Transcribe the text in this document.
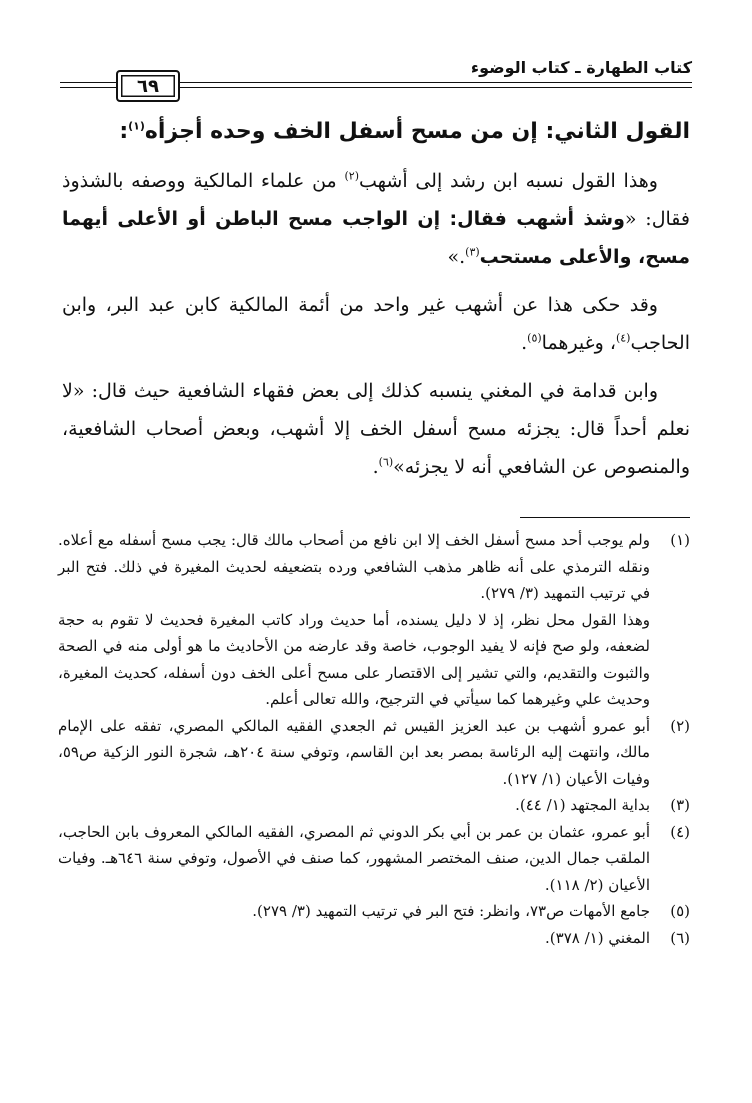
٦٩
كتاب الطهارة ـ كتاب الوضوء
القول الثاني: إن من مسح أسفل الخف وحده أجزأه$^{(١)}$:

وهذا القول نسبه ابن رشد إلى أشهب$^{(٢)}$ من علماء المالكية ووصفه بالشذوذ فقال: «وشذ أشهب فقال: إن الواجب مسح الباطن أو الأعلى أيهما مسح، والأعلى مستحب$^{(٣)}$.»

وقد حكى هذا عن أشهب غير واحد من أئمة المالكية كابن عبد البر، وابن الحاجب$^{(٤)}$، وغيرهما$^{(٥)}$.

وابن قدامة في المغني ينسبه كذلك إلى بعض فقهاء الشافعية حيث قال: «لا نعلم أحداً قال: يجزئه مسح أسفل الخف إلا أشهب، وبعض أصحاب الشافعية، والمنصوص عن الشافعي أنه لا يجزئه»$^{(٦)}$.

(١)
ولم يوجب أحد مسح أسفل الخف إلا ابن نافع من أصحاب مالك قال: يجب مسح أسفله مع أعلاه. ونقله الترمذي على أنه ظاهر مذهب الشافعي ورده بتضعيفه لحديث المغيرة في ذلك. فتح البر في ترتيب التمهيد (٣/ ٢٧٩).
وهذا القول محل نظر، إذ لا دليل يسنده، أما حديث وراد كاتب المغيرة فحديث لا تقوم به حجة لضعفه، ولو صح فإنه لا يفيد الوجوب، خاصة وقد عارضه من الأحاديث ما هو أولى منه في الصحة والثبوت والتقديم، والتي تشير إلى الاقتصار على مسح أعلى الخف دون أسفله، كحديث المغيرة، وحديث علي وغيرهما كما سيأتي في الترجيح، والله تعالى أعلم.
(٢)
أبو عمرو أشهب بن عبد العزيز القيس ثم الجعدي الفقيه المالكي المصري، تفقه على الإمام مالك، وانتهت إليه الرئاسة بمصر بعد ابن القاسم، وتوفي سنة ٢٠٤هـ، شجرة النور الزكية ص٥٩، وفيات الأعيان (١/ ١٢٧).
(٣)
بداية المجتهد (١/ ٤٤).
(٤)
أبو عمرو، عثمان بن عمر بن أبي بكر الدوني ثم المصري، الفقيه المالكي المعروف بابن الحاجب، الملقب جمال الدين، صنف المختصر المشهور، كما صنف في الأصول، وتوفي سنة ٦٤٦هـ. وفيات الأعيان (٢/ ١١٨).
(٥)
جامع الأمهات ص٧٣، وانظر: فتح البر في ترتيب التمهيد (٣/ ٢٧٩).
(٦)
المغني (١/ ٣٧٨).
